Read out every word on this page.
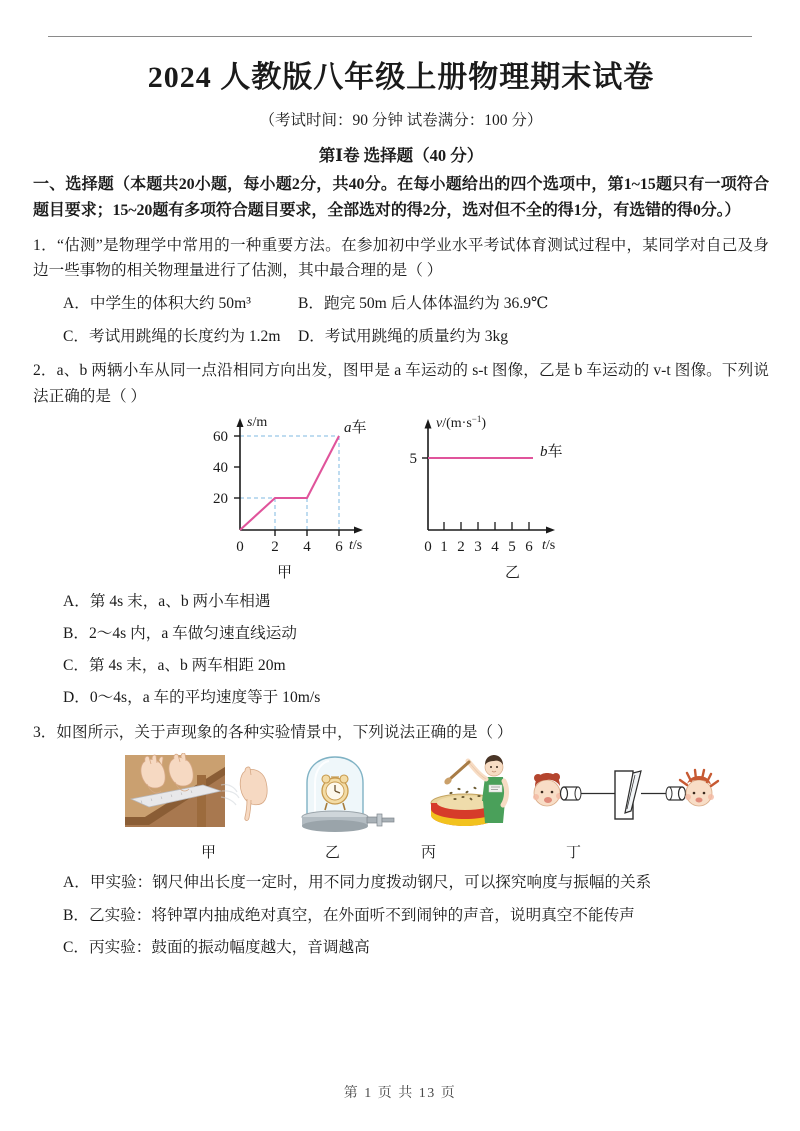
2024 人教版八年级上册物理期末试卷
（考试时间：90 分钟 试卷满分：100 分）
第Ⅰ卷 选择题（40 分）
一、选择题（本题共20小题，每小题2分，共40分。在每小题给出的四个选项中，第1~15题只有一项符合题目要求；15~20题有多项符合题目要求，全部选对的得2分，选对但不全的得1分，有选错的得0分。）
1．“估测”是物理学中常用的一种重要方法。在参加初中学业水平考试体育测试过程中，某同学对自己及身边一些事物的相关物理量进行了估测，其中最合理的是（ ）
A．中学生的体积大约 50m³	B．跑完 50m 后人体体温约为 36.9℃
C．考试用跳绳的长度约为 1.2m	D．考试用跳绳的质量约为 3kg
2．a、b 两辆小车从同一点沿相同方向出发，图甲是 a 车运动的 s-t 图像，乙是 b 车运动的 v-t 图像。下列说法正确的是（ ）
60
40
20
0 2 4 6
s/m
t/s
a车
甲
5
0 1 2 3 4 5 6 t/s
$v/(m\cdot s^{-1})$
b车
乙
A．第 4s 末，a、b 两小车相遇
B．2～4s 内，a 车做匀速直线运动
C．第 4s 末，a、b 两车相距 20m
D．0～4s，a 车的平均速度等于 10m/s
3．如图所示，关于声现象的各种实验情景中，下列说法正确的是（ ）
甲	乙	丙	丁
A．甲实验：钢尺伸出长度一定时，用不同力度拨动钢尺，可以探究响度与振幅的关系
B．乙实验：将钟罩内抽成绝对真空，在外面听不到闹钟的声音，说明真空不能传声
C．丙实验：鼓面的振动幅度越大，音调越高
第 1 页 共 13 页
